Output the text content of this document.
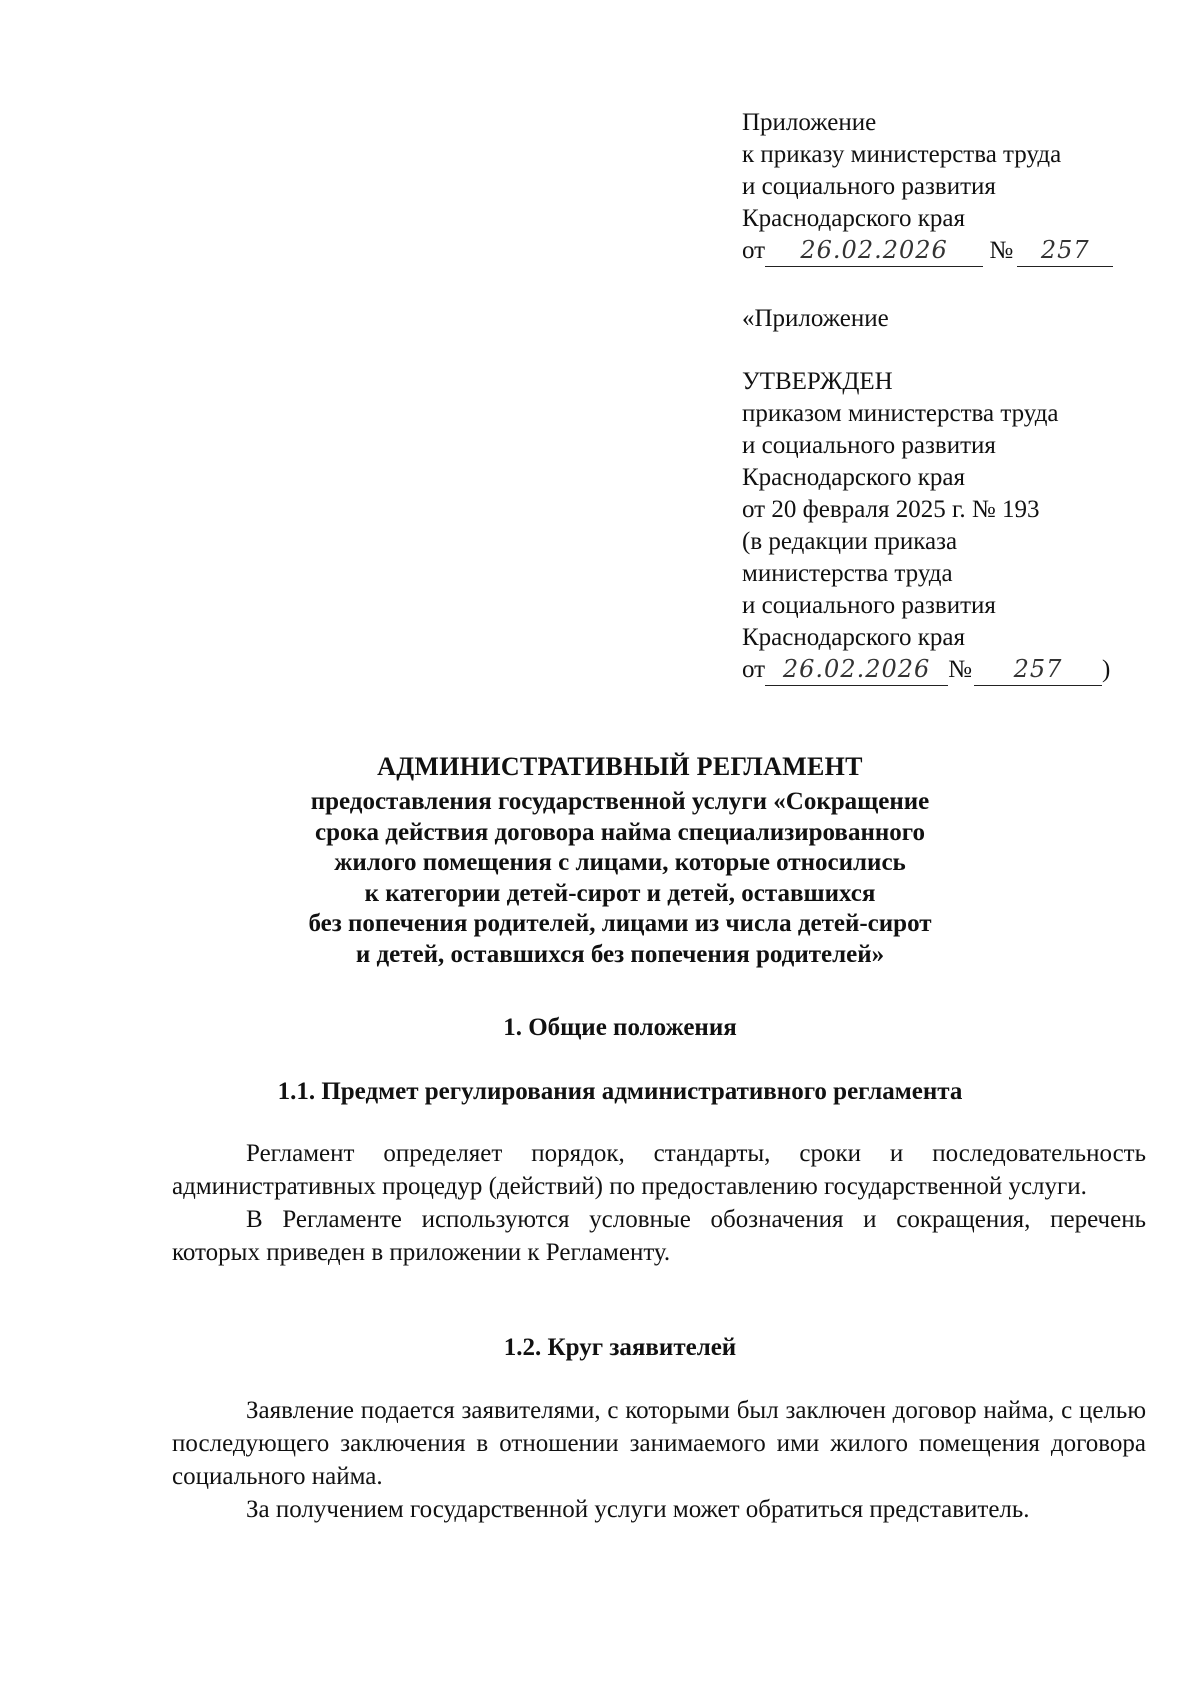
Приложение
к приказу министерства труда
и социального развития
Краснодарского края
от 26.02.2026 № 257
«Приложение
УТВЕРЖДЕН
приказом министерства труда
и социального развития
Краснодарского края
от 20 февраля 2025 г. № 193
(в редакции приказа
министерства труда
и социального развития
Краснодарского края
от 26.02.2026 № 257 )
АДМИНИСТРАТИВНЫЙ РЕГЛАМЕНТ
предоставления государственной услуги «Сокращение
срока действия договора найма специализированного
жилого помещения с лицами, которые относились
к категории детей-сирот и детей, оставшихся
без попечения родителей, лицами из числа детей-сирот
и детей, оставшихся без попечения родителей»
1. Общие положения
1.1. Предмет регулирования административного регламента

Регламент определяет порядок, стандарты, сроки и последовательность административных процедур (действий) по предоставлению государственной услуги.

В Регламенте используются условные обозначения и сокращения, перечень которых приведен в приложении к Регламенту.

1.2. Круг заявителей

Заявление подается заявителями, с которыми был заключен договор найма, с целью последующего заключения в отношении занимаемого ими жилого помещения договора социального найма.

За получением государственной услуги может обратиться представитель.
